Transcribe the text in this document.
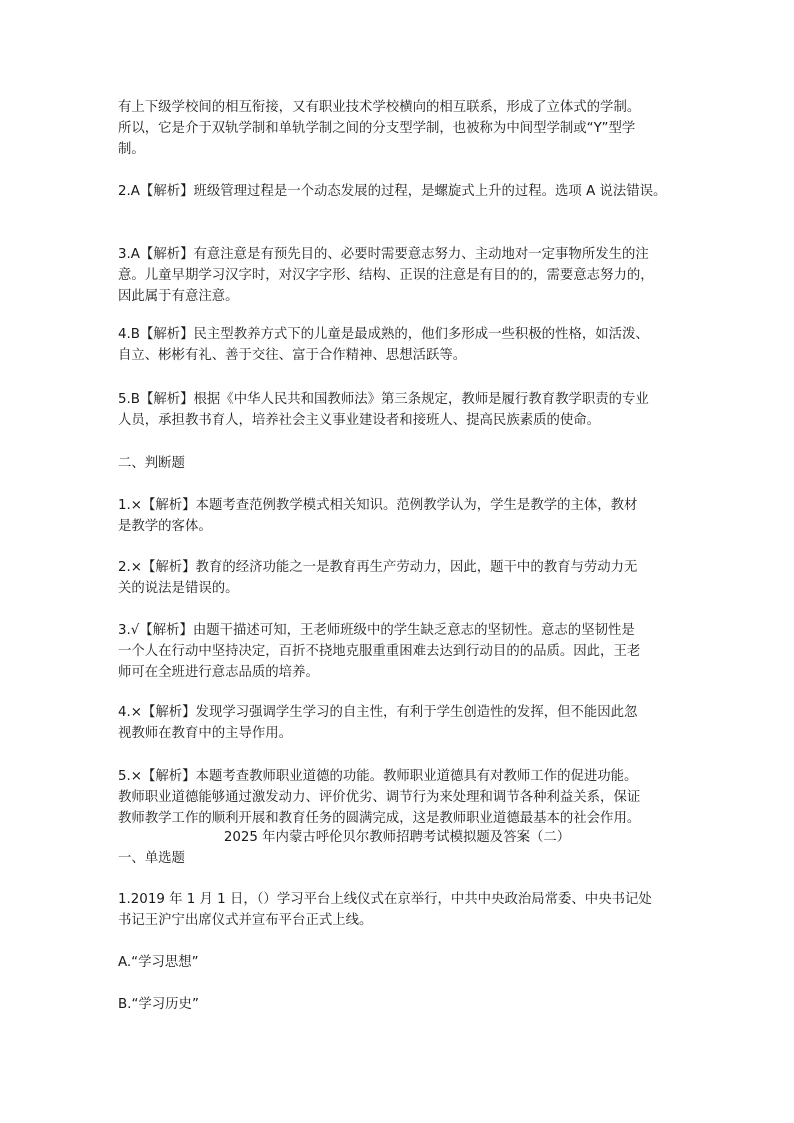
有上下级学校间的相互衔接，又有职业技术学校横向的相互联系，形成了立体式的学制。
所以，它是介于双轨学制和单轨学制之间的分支型学制，也被称为中间型学制或“Y”型学
制。
2.A【解析】班级管理过程是一个动态发展的过程，是螺旋式上升的过程。选项 A 说法错误。
3.A【解析】有意注意是有预先目的、必要时需要意志努力、主动地对一定事物所发生的注
意。儿童早期学习汉字时，对汉字字形、结构、正误的注意是有目的的，需要意志努力的，
因此属于有意注意。
4.B【解析】民主型教养方式下的儿童是最成熟的，他们多形成一些积极的性格，如活泼、
自立、彬彬有礼、善于交往、富于合作精神、思想活跃等。
5.B【解析】根据《中华人民共和国教师法》第三条规定，教师是履行教育教学职责的专业
人员，承担教书育人，培养社会主义事业建设者和接班人、提高民族素质的使命。
二、判断题
1.×【解析】本题考查范例教学模式相关知识。范例教学认为，学生是教学的主体，教材
是教学的客体。
2.×【解析】教育的经济功能之一是教育再生产劳动力，因此，题干中的教育与劳动力无
关的说法是错误的。
3.√【解析】由题干描述可知，王老师班级中的学生缺乏意志的坚韧性。意志的坚韧性是
一个人在行动中坚持决定，百折不挠地克服重重困难去达到行动目的的品质。因此，王老
师可在全班进行意志品质的培养。
4.×【解析】发现学习强调学生学习的自主性，有利于学生创造性的发挥，但不能因此忽
视教师在教育中的主导作用。
5.×【解析】本题考查教师职业道德的功能。教师职业道德具有对教师工作的促进功能。
教师职业道德能够通过激发动力、评价优劣、调节行为来处理和调节各种利益关系，保证
教师教学工作的顺利开展和教育任务的圆满完成，这是教师职业道德最基本的社会作用。
2025 年内蒙古呼伦贝尔教师招聘考试模拟题及答案（二）
一、单选题
1.2019 年 1 月 1 日，（）学习平台上线仪式在京举行，中共中央政治局常委、中央书记处
书记王沪宁出席仪式并宣布平台正式上线。
A.“学习思想”
B.“学习历史”
